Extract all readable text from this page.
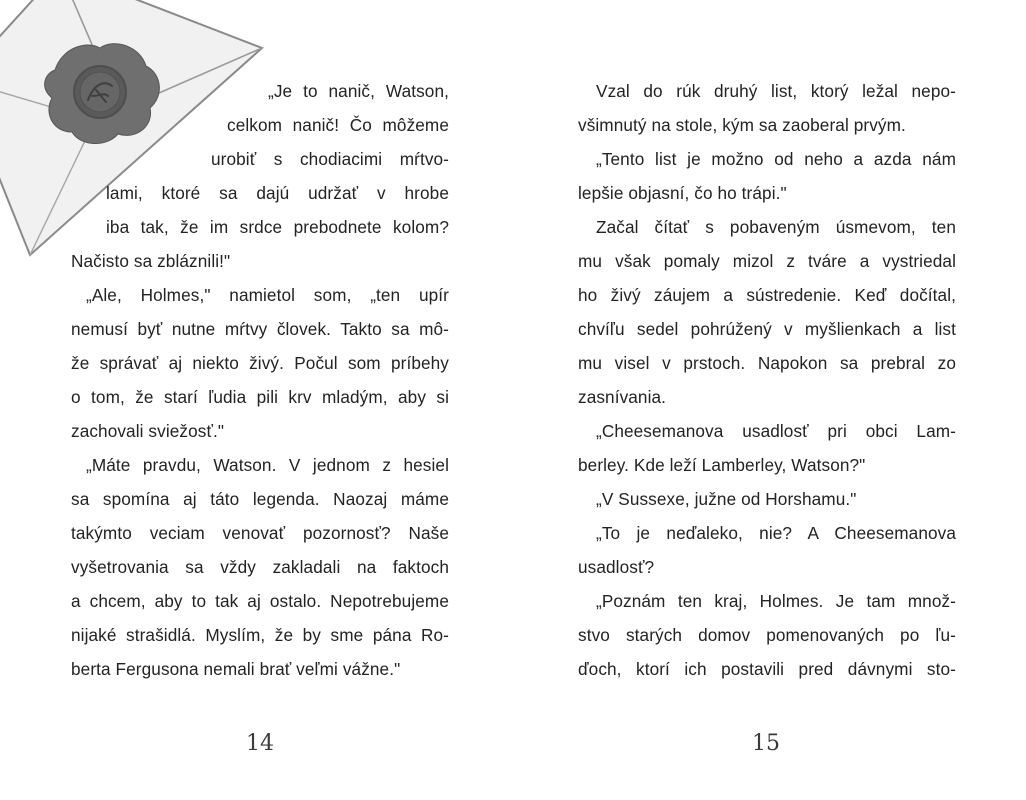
„Je to nanič, Watson,
celkom nanič! Čo môžeme
urobiť s chodiacimi mŕtvo-
lami, ktoré sa dajú udržať v hrobe
iba tak, že im srdce prebodnete kolom?
Načisto sa zbláznili!"
„Ale, Holmes," namietol som, „ten upír
nemusí byť nutne mŕtvy človek. Takto sa mô-
že správať aj niekto živý. Počul som príbehy
o tom, že starí ľudia pili krv mladým, aby si
zachovali sviežosť."
„Máte pravdu, Watson. V jednom z hesiel
sa spomína aj táto legenda. Naozaj máme
takýmto veciam venovať pozornosť? Naše
vyšetrovania sa vždy zakladali na faktoch
a chcem, aby to tak aj ostalo. Nepotrebujeme
nijaké strašidlá. Myslím, že by sme pána Ro-
berta Fergusona nemali brať veľmi vážne."
14
Vzal do rúk druhý list, ktorý ležal nepo-
všimnutý na stole, kým sa zaoberal prvým.
„Tento list je možno od neho a azda nám
lepšie objasní, čo ho trápi."
Začal čítať s pobaveným úsmevom, ten
mu však pomaly mizol z tváre a vystriedal
ho živý záujem a sústredenie. Keď dočítal,
chvíľu sedel pohrúžený v myšlienkach a list
mu visel v prstoch. Napokon sa prebral zo
zasnívania.
„Cheesemanova usadlosť pri obci Lam-
berley. Kde leží Lamberley, Watson?"
„V Sussexe, južne od Horshamu."
„To je neďaleko, nie? A Cheesemanova
usadlosť?
„Poznám ten kraj, Holmes. Je tam množ-
stvo starých domov pomenovaných po ľu-
ďoch, ktorí ich postavili pred dávnymi sto-
15
